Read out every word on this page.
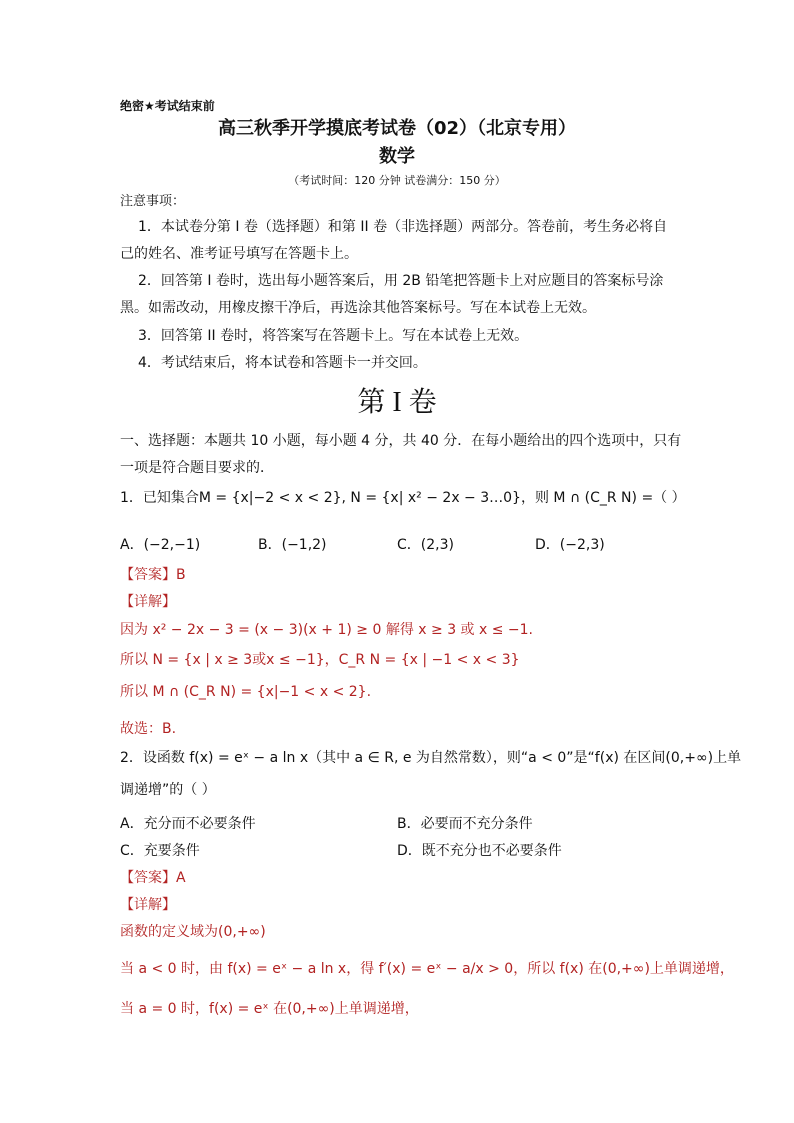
绝密★考试结束前
高三秋季开学摸底考试卷（02）（北京专用）
数学
（考试时间：120 分钟 试卷满分：150 分）
注意事项：
1．本试卷分第 I 卷（选择题）和第 II 卷（非选择题）两部分。答卷前，考生务必将自
己的姓名、准考证号填写在答题卡上。
2．回答第 I 卷时，选出每小题答案后，用 2B 铅笔把答题卡上对应题目的答案标号涂
黑。如需改动，用橡皮擦干净后，再选涂其他答案标号。写在本试卷上无效。
3．回答第 II 卷时，将答案写在答题卡上。写在本试卷上无效。
4．考试结束后，将本试卷和答题卡一并交回。
第 I 卷
一、选择题：本题共 10 小题，每小题 4 分，共 40 分．在每小题给出的四个选项中，只有
一项是符合题目要求的．
1．已知集合M = {x|−2 < x < 2}, N = {x| x² − 2x − 3…0}，则 M ∩ (C_R N) =（ ）
A．(−2,−1)	B．(−1,2)	C．(2,3)	D．(−2,3)
【答案】B
【详解】
因为 x² − 2x − 3 = (x − 3)(x + 1) ≥ 0 解得 x ≥ 3 或 x ≤ −1.
所以 N = {x | x ≥ 3或x ≤ −1}，C_R N = {x | −1 < x < 3}
所以 M ∩ (C_R N) = {x|−1 < x < 2}.
故选：B.
2．设函数 f(x) = eˣ − a ln x（其中 a ∈ R, e 为自然常数），则“a < 0”是“f(x) 在区间(0,+∞)上单
调递增”的（ ）
A．充分而不必要条件	B．必要而不充分条件
C．充要条件	D．既不充分也不必要条件
【答案】A
【详解】
函数的定义域为(0,+∞)
当 a < 0 时，由 f(x) = eˣ − a ln x，得 f′(x) = eˣ − a/x > 0，所以 f(x) 在(0,+∞)上单调递增，
当 a = 0 时，f(x) = eˣ 在(0,+∞)上单调递增，
